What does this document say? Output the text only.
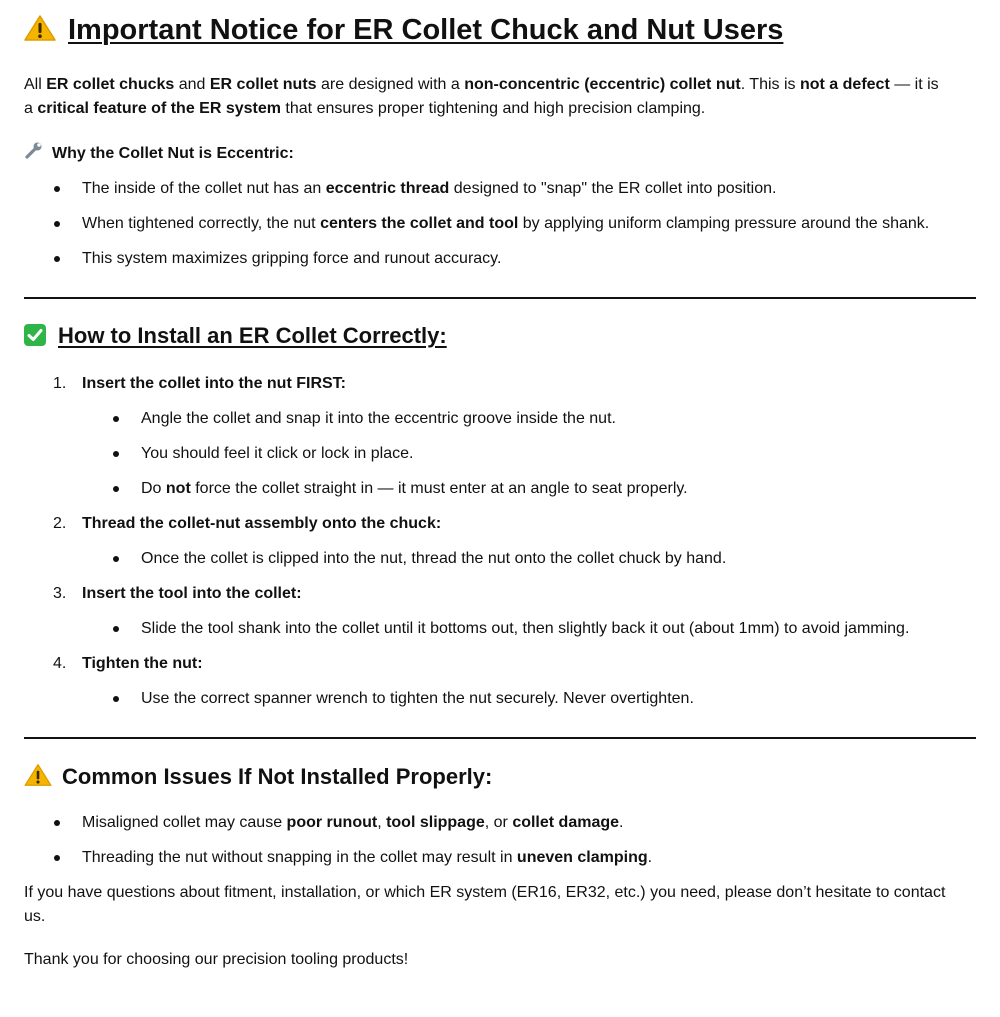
Important Notice for ER Collet Chuck and Nut Users
All ER collet chucks and ER collet nuts are designed with a non-concentric (eccentric) collet nut. This is not a defect — it is
a critical feature of the ER system that ensures proper tightening and high precision clamping.
Why the Collet Nut is Eccentric:
The inside of the collet nut has an eccentric thread designed to "snap" the ER collet into position.
When tightened correctly, the nut centers the collet and tool by applying uniform clamping pressure around the shank.
This system maximizes gripping force and runout accuracy.
How to Install an ER Collet Correctly:
1. Insert the collet into the nut FIRST:
Angle the collet and snap it into the eccentric groove inside the nut.
You should feel it click or lock in place.
Do not force the collet straight in — it must enter at an angle to seat properly.
2. Thread the collet-nut assembly onto the chuck:
Once the collet is clipped into the nut, thread the nut onto the collet chuck by hand.
3. Insert the tool into the collet:
Slide the tool shank into the collet until it bottoms out, then slightly back it out (about 1mm) to avoid jamming.
4. Tighten the nut:
Use the correct spanner wrench to tighten the nut securely. Never overtighten.
Common Issues If Not Installed Properly:
Misaligned collet may cause poor runout, tool slippage, or collet damage.
Threading the nut without snapping in the collet may result in uneven clamping.
If you have questions about fitment, installation, or which ER system (ER16, ER32, etc.) you need, please don’t hesitate to contact
us.
Thank you for choosing our precision tooling products!
